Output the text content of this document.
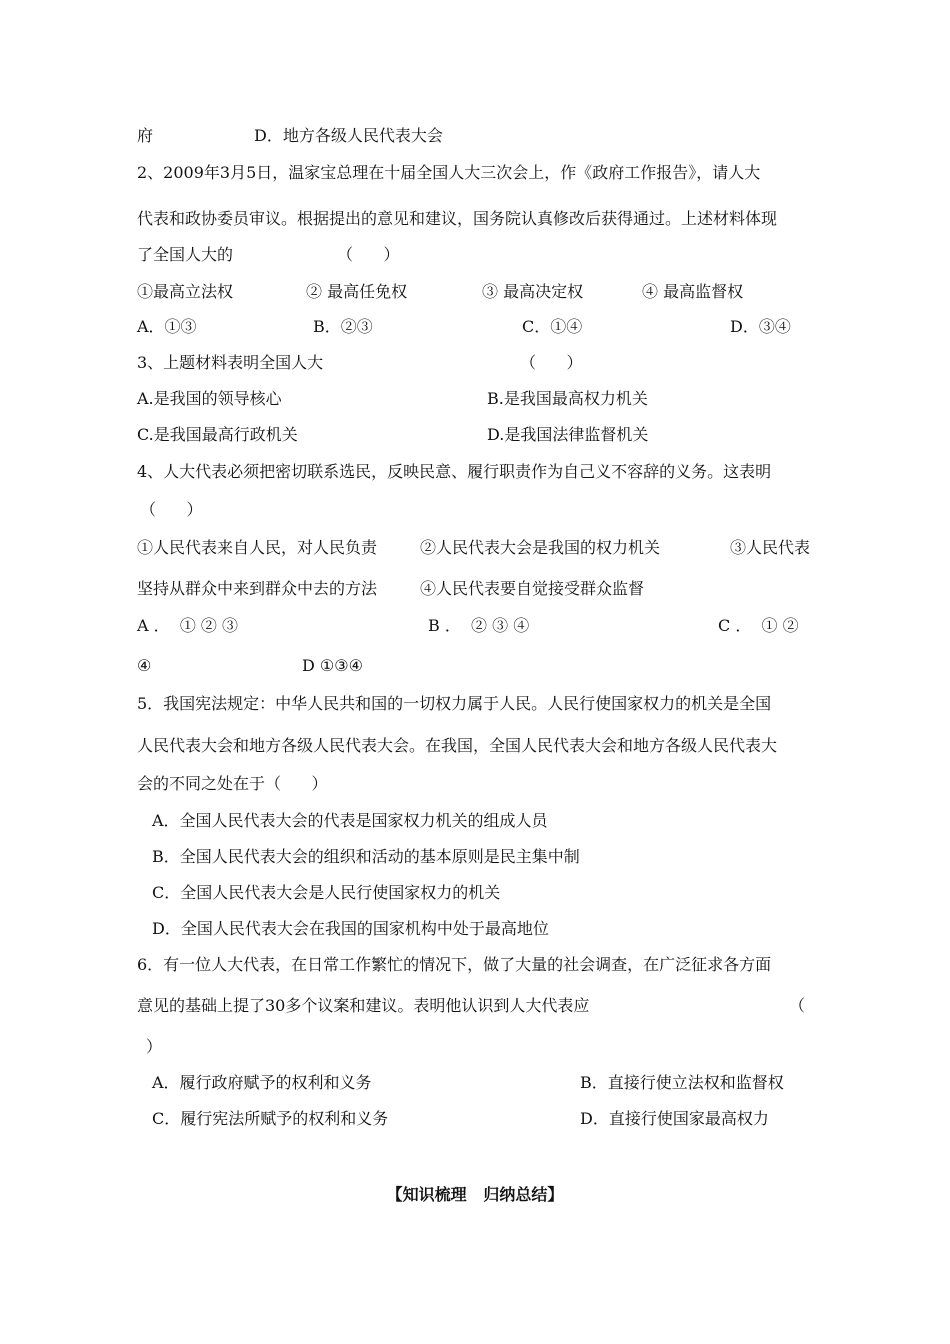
府	D．地方各级人民代表大会
2、2009年3月5日，温家宝总理在十届全国人大三次会上，作《政府工作报告》，请人大
代表和政协委员审议。根据提出的意见和建议，国务院认真修改后获得通过。上述材料体现
了全国人大的	（      ）
①最高立法权	② 最高任免权	③ 最高决定权	④ 最高监督权
A．①③	B．②③	C．①④	D．③④
3、上题材料表明全国人大	（      ）
A.是我国的领导核心	B.是我国最高权力机关
C.是我国最高行政机关	D.是我国法律监督机关
4、人大代表必须把密切联系选民，反映民意、履行职责作为自己义不容辞的义务。这表明
（      ）
①人民代表来自人民，对人民负责	②人民代表大会是我国的权力机关	③人民代表
坚持从群众中来到群众中去的方法	④人民代表要自觉接受群众监督
A ．  ① ② ③	B ．  ② ③ ④	C ．  ① ②
④	D ①③④
5．我国宪法规定：中华人民共和国的一切权力属于人民。人民行使国家权力的机关是全国
人民代表大会和地方各级人民代表大会。在我国，全国人民代表大会和地方各级人民代表大
会的不同之处在于（      ）
A．全国人民代表大会的代表是国家权力机关的组成人员
B．全国人民代表大会的组织和活动的基本原则是民主集中制
C．全国人民代表大会是人民行使国家权力的机关
D．全国人民代表大会在我国的国家机构中处于最高地位
6．有一位人大代表，在日常工作繁忙的情况下，做了大量的社会调查，在广泛征求各方面
意见的基础上提了30多个议案和建议。表明他认识到人大代表应	（
）
A．履行政府赋予的权利和义务	B．直接行使立法权和监督权
C．履行宪法所赋予的权利和义务	D．直接行使国家最高权力
【知识梳理   归纳总结】
